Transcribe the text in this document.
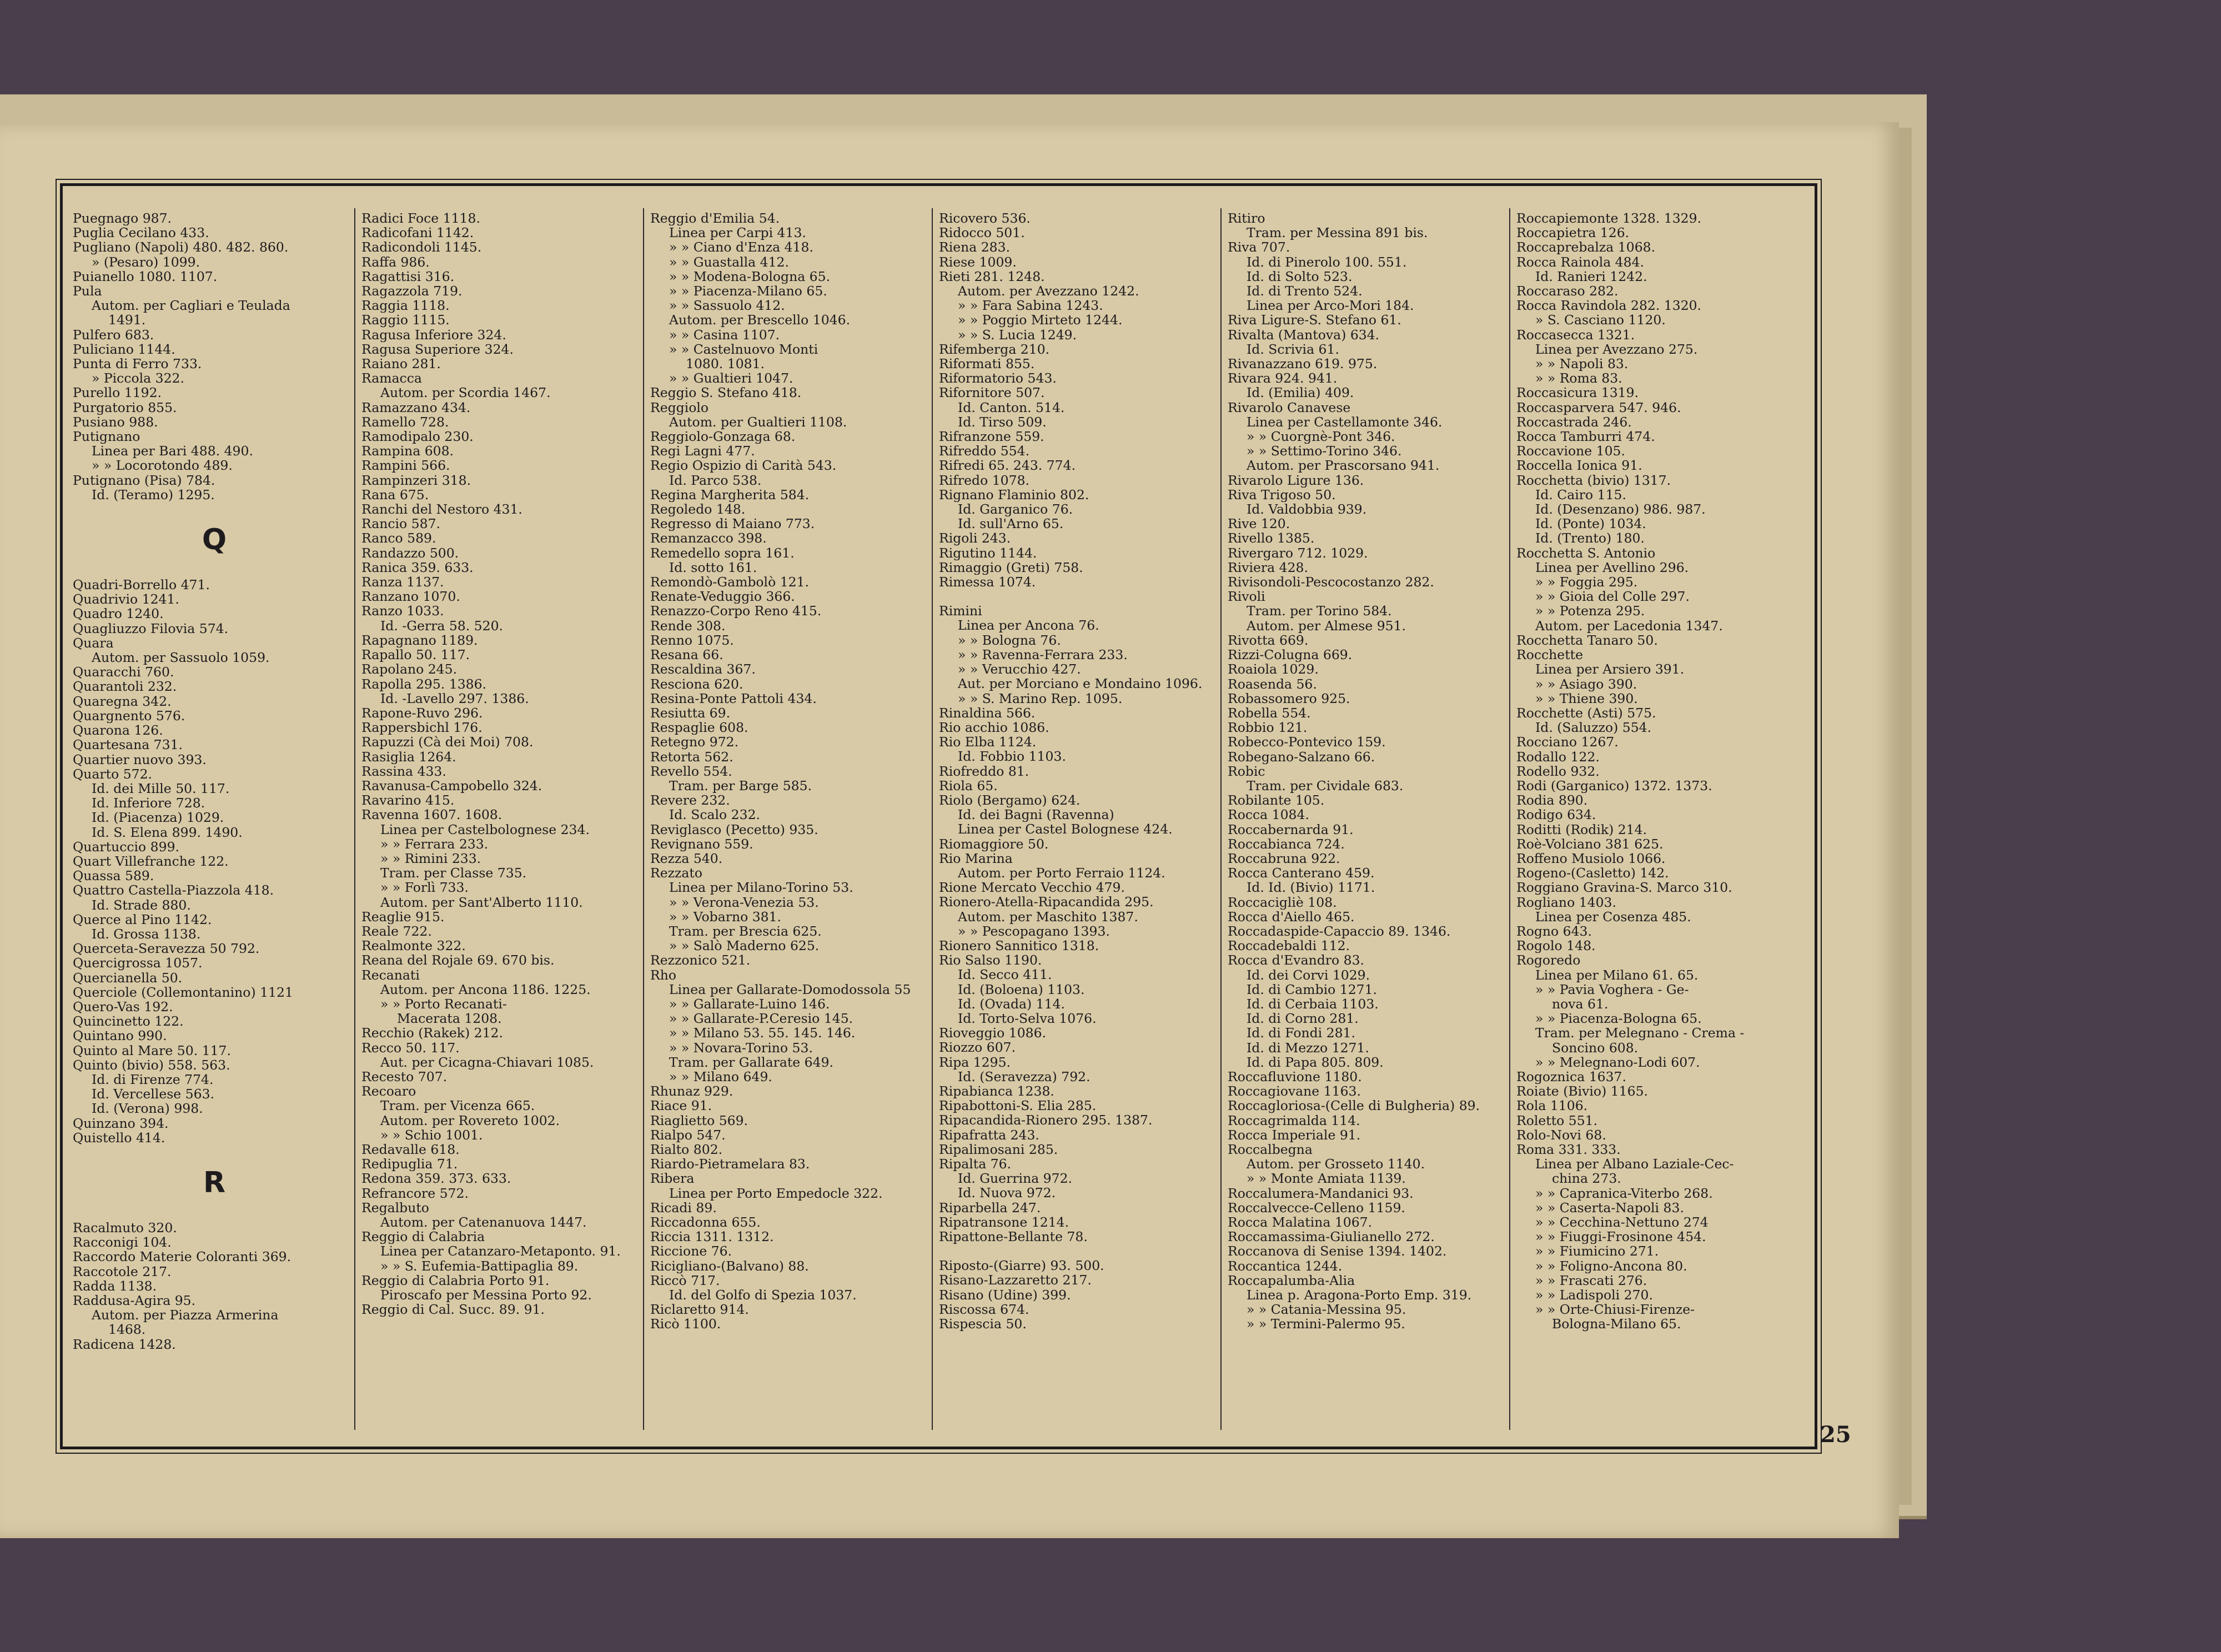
Puegnago 987.
Puglia Cecilano 433.
Pugliano (Napoli) 480. 482. 860.
» (Pesaro) 1099.
Puianello 1080. 1107.
Pula
Autom. per Cagliari e Teulada
1491.
Pulfero 683.
Puliciano 1144.
Punta di Ferro 733.
» Piccola 322.
Purello 1192.
Purgatorio 855.
Pusiano 988.
Putignano
Linea per Bari 488. 490.
» » Locorotondo 489.
Putignano (Pisa) 784.
Id. (Teramo) 1295.
Q
Quadri-Borrello 471.
Quadrivio 1241.
Quadro 1240.
Quagliuzzo Filovia 574.
Quara
Autom. per Sassuolo 1059.
Quaracchi 760.
Quarantoli 232.
Quaregna 342.
Quargnento 576.
Quarona 126.
Quartesana 731.
Quartier nuovo 393.
Quarto 572.
Id. dei Mille 50. 117.
Id. Inferiore 728.
Id. (Piacenza) 1029.
Id. S. Elena 899. 1490.
Quartuccio 899.
Quart Villefranche 122.
Quassa 589.
Quattro Castella-Piazzola 418.
Id. Strade 880.
Querce al Pino 1142.
Id. Grossa 1138.
Querceta-Seravezza 50 792.
Quercigrossa 1057.
Quercianella 50.
Querciole (Collemontanino) 1121
Quero-Vas 192.
Quincinetto 122.
Quintano 990.
Quinto al Mare 50. 117.
Quinto (bivio) 558. 563.
Id. di Firenze 774.
Id. Vercellese 563.
Id. (Verona) 998.
Quinzano 394.
Quistello 414.
R
Racalmuto 320.
Racconigi 104.
Raccordo Materie Coloranti 369.
Raccotole 217.
Radda 1138.
Raddusa-Agira 95.
Autom. per Piazza Armerina
1468.
Radicena 1428.
Radici Foce 1118.
Radicofani 1142.
Radicondoli 1145.
Raffa 986.
Ragattisi 316.
Ragazzola 719.
Raggia 1118.
Raggio 1115.
Ragusa Inferiore 324.
Ragusa Superiore 324.
Raiano 281.
Ramacca
Autom. per Scordia 1467.
Ramazzano 434.
Ramello 728.
Ramodipalo 230.
Rampina 608.
Rampini 566.
Rampinzeri 318.
Rana 675.
Ranchi del Nestoro 431.
Rancio 587.
Ranco 589.
Randazzo 500.
Ranica 359. 633.
Ranza 1137.
Ranzano 1070.
Ranzo 1033.
Id. -Gerra 58. 520.
Rapagnano 1189.
Rapallo 50. 117.
Rapolano 245.
Rapolla 295. 1386.
Id. -Lavello 297. 1386.
Rapone-Ruvo 296.
Rappersbichl 176.
Rapuzzi (Cà dei Moi) 708.
Rasiglia 1264.
Rassina 433.
Ravanusa-Campobello 324.
Ravarino 415.
Ravenna 1607. 1608.
Linea per Castelbolognese 234.
» » Ferrara 233.
» » Rimini 233.
Tram. per Classe 735.
» » Forlì 733.
Autom. per Sant'Alberto 1110.
Reaglie 915.
Reale 722.
Realmonte 322.
Reana del Rojale 69. 670 bis.
Recanati
Autom. per Ancona 1186. 1225.
» » Porto Recanati-
Macerata 1208.
Recchio (Rakek) 212.
Recco 50. 117.
Aut. per Cicagna-Chiavari 1085.
Recesto 707.
Recoaro
Tram. per Vicenza 665.
Autom. per Rovereto 1002.
» » Schio 1001.
Redavalle 618.
Redipuglia 71.
Redona 359. 373. 633.
Refrancore 572.
Regalbuto
Autom. per Catenanuova 1447.
Reggio di Calabria
Linea per Catanzaro-Metaponto. 91.
» » S. Eufemia-Battipaglia 89.
Reggio di Calabria Porto 91.
Piroscafo per Messina Porto 92.
Reggio di Cal. Succ. 89. 91.
Reggio d'Emilia 54.
Linea per Carpi 413.
» » Ciano d'Enza 418.
» » Guastalla 412.
» » Modena-Bologna 65.
» » Piacenza-Milano 65.
» » Sassuolo 412.
Autom. per Brescello 1046.
» » Casina 1107.
» » Castelnuovo Monti
1080. 1081.
» » Gualtieri 1047.
Reggio S. Stefano 418.
Reggiolo
Autom. per Gualtieri 1108.
Reggiolo-Gonzaga 68.
Regi Lagni 477.
Regio Ospizio di Carità 543.
Id. Parco 538.
Regina Margherita 584.
Regoledo 148.
Regresso di Maiano 773.
Remanzacco 398.
Remedello sopra 161.
Id. sotto 161.
Remondò-Gambolò 121.
Renate-Veduggio 366.
Renazzo-Corpo Reno 415.
Rende 308.
Renno 1075.
Resana 66.
Rescaldina 367.
Resciona 620.
Resina-Ponte Pattoli 434.
Resiutta 69.
Respaglie 608.
Retegno 972.
Retorta 562.
Revello 554.
Tram. per Barge 585.
Revere 232.
Id. Scalo 232.
Reviglasco (Pecetto) 935.
Revignano 559.
Rezza 540.
Rezzato
Linea per Milano-Torino 53.
» » Verona-Venezia 53.
» » Vobarno 381.
Tram. per Brescia 625.
» » Salò Maderno 625.
Rezzonico 521.
Rho
Linea per Gallarate-Domodossola 55
» » Gallarate-Luino 146.
» » Gallarate-P.Ceresio 145.
» » Milano 53. 55. 145. 146.
» » Novara-Torino 53.
Tram. per Gallarate 649.
» » Milano 649.
Rhunaz 929.
Riace 91.
Riaglietto 569.
Rialpo 547.
Rialto 802.
Riardo-Pietramelara 83.
Ribera
Linea per Porto Empedocle 322.
Ricadi 89.
Riccadonna 655.
Riccia 1311. 1312.
Riccione 76.
Ricigliano-(Balvano) 88.
Riccò 717.
Id. del Golfo di Spezia 1037.
Riclaretto 914.
Ricò 1100.
Ricovero 536.
Ridocco 501.
Riena 283.
Riese 1009.
Rieti 281. 1248.
Autom. per Avezzano 1242.
» » Fara Sabina 1243.
» » Poggio Mirteto 1244.
» » S. Lucia 1249.
Rifemberga 210.
Riformati 855.
Riformatorio 543.
Rifornitore 507.
Id. Canton. 514.
Id. Tirso 509.
Rifranzone 559.
Rifreddo 554.
Rifredi 65. 243. 774.
Rifredo 1078.
Rignano Flaminio 802.
Id. Garganico 76.
Id. sull'Arno 65.
Rigoli 243.
Rigutino 1144.
Rimaggio (Greti) 758.
Rimessa 1074.
Rimini
Linea per Ancona 76.
» » Bologna 76.
» » Ravenna-Ferrara 233.
» » Verucchio 427.
Aut. per Morciano e Mondaino 1096.
» » S. Marino Rep. 1095.
Rinaldina 566.
Rio acchio 1086.
Rio Elba 1124.
Id. Fobbio 1103.
Riofreddo 81.
Riola 65.
Riolo (Bergamo) 624.
Id. dei Bagni (Ravenna)
Linea per Castel Bolognese 424.
Riomaggiore 50.
Rio Marina
Autom. per Porto Ferraio 1124.
Rione Mercato Vecchio 479.
Rionero-Atella-Ripacandida 295.
Autom. per Maschito 1387.
» » Pescopagano 1393.
Rionero Sannitico 1318.
Rio Salso 1190.
Id. Secco 411.
Id. (Boloena) 1103.
Id. (Ovada) 114.
Id. Torto-Selva 1076.
Rioveggio 1086.
Riozzo 607.
Ripa 1295.
Id. (Seravezza) 792.
Ripabianca 1238.
Ripabottoni-S. Elia 285.
Ripacandida-Rionero 295. 1387.
Ripafratta 243.
Ripalimosani 285.
Ripalta 76.
Id. Guerrina 972.
Id. Nuova 972.
Riparbella 247.
Ripatransone 1214.
Ripattone-Bellante 78.
Riposto-(Giarre) 93. 500.
Risano-Lazzaretto 217.
Risano (Udine) 399.
Riscossa 674.
Rispescia 50.
Ritiro
Tram. per Messina 891 bis.
Riva 707.
Id. di Pinerolo 100. 551.
Id. di Solto 523.
Id. di Trento 524.
Linea per Arco-Mori 184.
Riva Ligure-S. Stefano 61.
Rivalta (Mantova) 634.
Id. Scrivia 61.
Rivanazzano 619. 975.
Rivara 924. 941.
Id. (Emilia) 409.
Rivarolo Canavese
Linea per Castellamonte 346.
» » Cuorgnè-Pont 346.
» » Settimo-Torino 346.
Autom. per Prascorsano 941.
Rivarolo Ligure 136.
Riva Trigoso 50.
Id. Valdobbia 939.
Rive 120.
Rivello 1385.
Rivergaro 712. 1029.
Riviera 428.
Rivisondoli-Pescocostanzo 282.
Rivoli
Tram. per Torino 584.
Autom. per Almese 951.
Rivotta 669.
Rizzi-Colugna 669.
Roaiola 1029.
Roasenda 56.
Robassomero 925.
Robella 554.
Robbio 121.
Robecco-Pontevico 159.
Robegano-Salzano 66.
Robic
Tram. per Cividale 683.
Robilante 105.
Rocca 1084.
Roccabernarda 91.
Roccabianca 724.
Roccabruna 922.
Rocca Canterano 459.
Id. Id. (Bivio) 1171.
Roccacigliè 108.
Rocca d'Aiello 465.
Roccadaspide-Capaccio 89. 1346.
Roccadebaldi 112.
Rocca d'Evandro 83.
Id. dei Corvi 1029.
Id. di Cambio 1271.
Id. di Cerbaia 1103.
Id. di Corno 281.
Id. di Fondi 281.
Id. di Mezzo 1271.
Id. di Papa 805. 809.
Roccafluvione 1180.
Roccagiovane 1163.
Roccagloriosa-(Celle di Bulgheria) 89.
Roccagrimalda 114.
Rocca Imperiale 91.
Roccalbegna
Autom. per Grosseto 1140.
» » Monte Amiata 1139.
Roccalumera-Mandanici 93.
Roccalvecce-Celleno 1159.
Rocca Malatina 1067.
Roccamassima-Giulianello 272.
Roccanova di Senise 1394. 1402.
Roccantica 1244.
Roccapalumba-Alia
Linea p. Aragona-Porto Emp. 319.
» » Catania-Messina 95.
» » Termini-Palermo 95.
Roccapiemonte 1328. 1329.
Roccapietra 126.
Roccaprebalza 1068.
Rocca Rainola 484.
Id. Ranieri 1242.
Roccaraso 282.
Rocca Ravindola 282. 1320.
» S. Casciano 1120.
Roccasecca 1321.
Linea per Avezzano 275.
» » Napoli 83.
» » Roma 83.
Roccasicura 1319.
Roccasparvera 547. 946.
Roccastrada 246.
Rocca Tamburri 474.
Roccavione 105.
Roccella Ionica 91.
Rocchetta (bivio) 1317.
Id. Cairo 115.
Id. (Desenzano) 986. 987.
Id. (Ponte) 1034.
Id. (Trento) 180.
Rocchetta S. Antonio
Linea per Avellino 296.
» » Foggia 295.
» » Gioia del Colle 297.
» » Potenza 295.
Autom. per Lacedonia 1347.
Rocchetta Tanaro 50.
Rocchette
Linea per Arsiero 391.
» » Asiago 390.
» » Thiene 390.
Rocchette (Asti) 575.
Id. (Saluzzo) 554.
Rocciano 1267.
Rodallo 122.
Rodello 932.
Rodi (Garganico) 1372. 1373.
Rodia 890.
Rodigo 634.
Roditti (Rodik) 214.
Roè-Volciano 381 625.
Roffeno Musiolo 1066.
Rogeno-(Casletto) 142.
Roggiano Gravina-S. Marco 310.
Rogliano 1403.
Linea per Cosenza 485.
Rogno 643.
Rogolo 148.
Rogoredo
Linea per Milano 61. 65.
» » Pavia Voghera - Ge-
nova 61.
» » Piacenza-Bologna 65.
Tram. per Melegnano - Crema -
Soncino 608.
» » Melegnano-Lodi 607.
Rogoznica 1637.
Roiate (Bivio) 1165.
Rola 1106.
Roletto 551.
Rolo-Novi 68.
Roma 331. 333.
Linea per Albano Laziale-Cec-
china 273.
» » Capranica-Viterbo 268.
» » Caserta-Napoli 83.
» » Cecchina-Nettuno 274
» » Fiuggi-Frosinone 454.
» » Fiumicino 271.
» » Foligno-Ancona 80.
» » Frascati 276.
» » Ladispoli 270.
» » Orte-Chiusi-Firenze-
Bologna-Milano 65.
25
